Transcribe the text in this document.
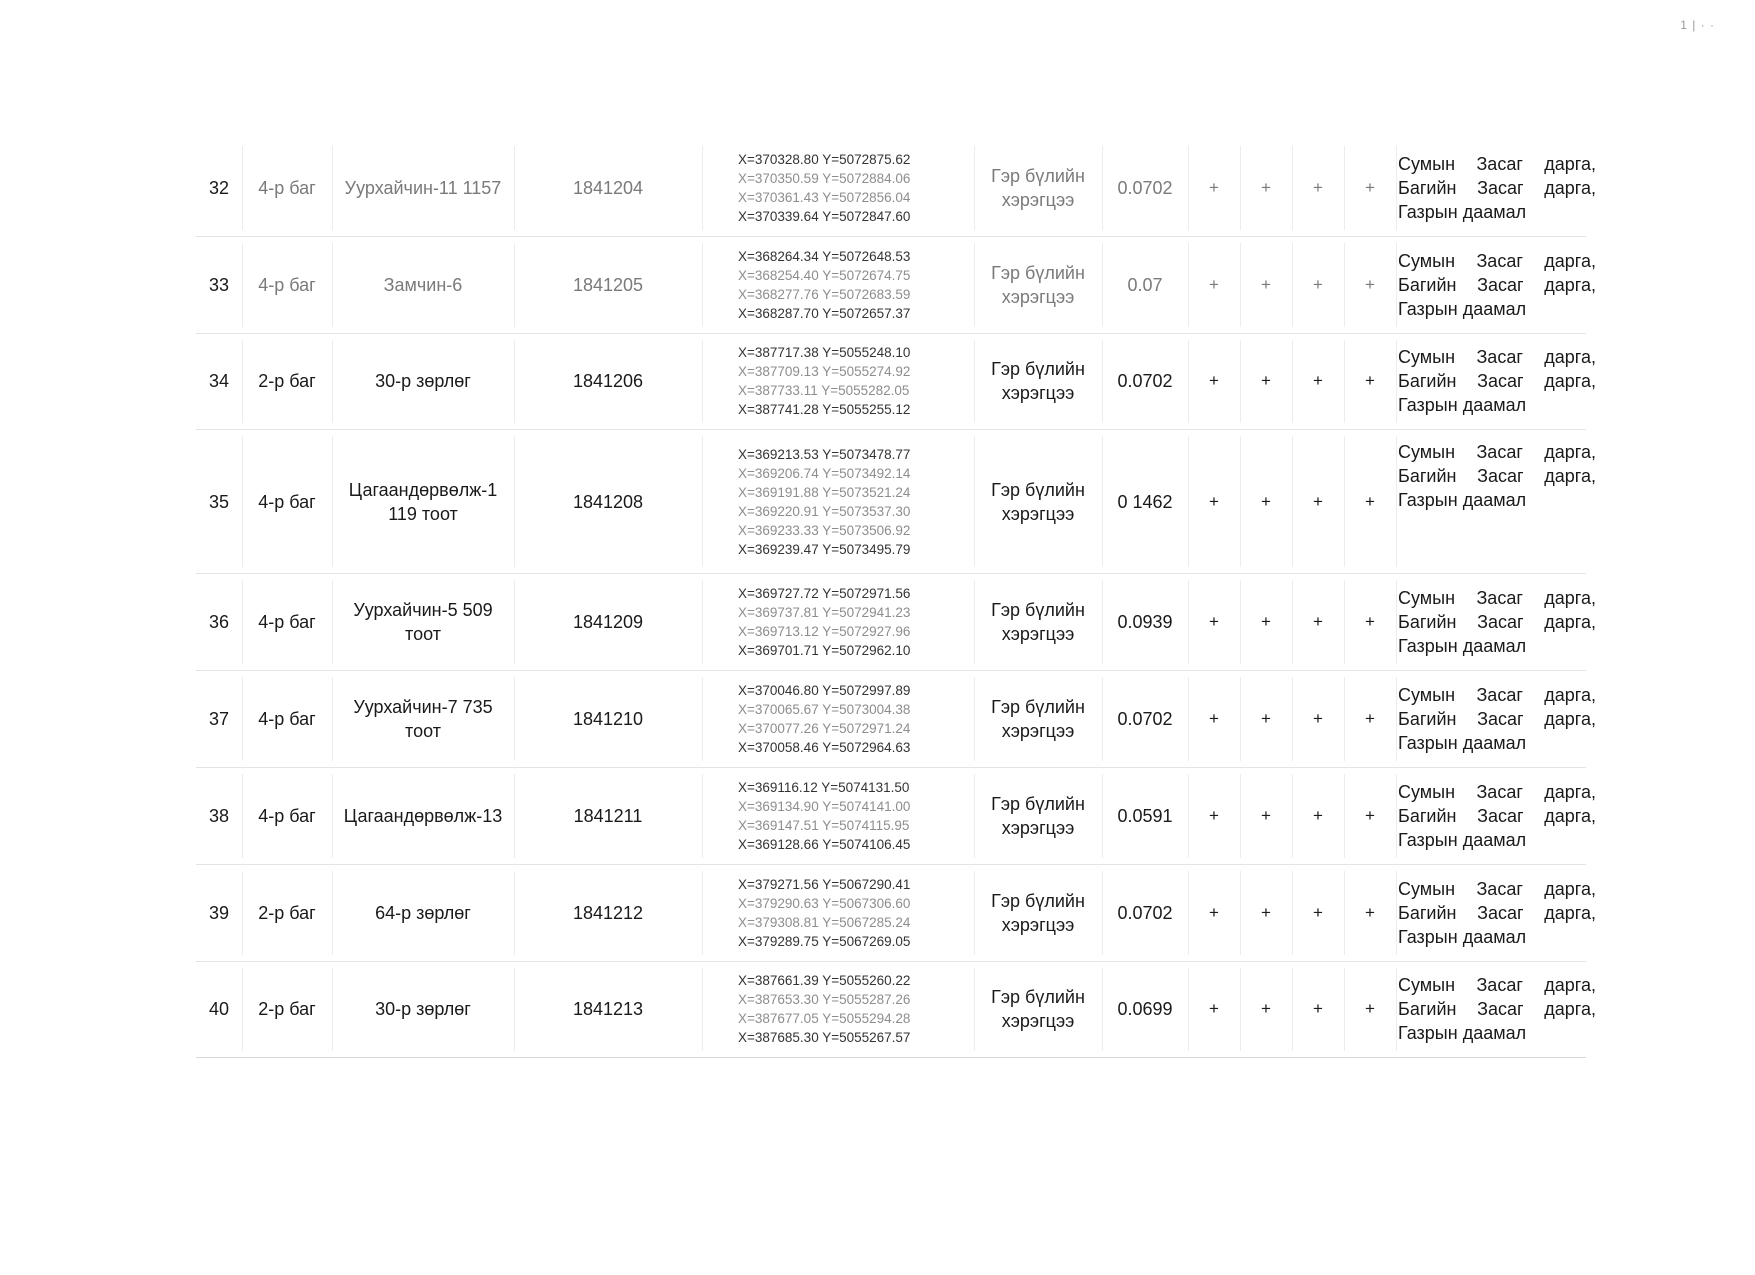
1 | · ·
32	4-р баг	Уурхайчин-11 1157	1841204
X=370328.80 Y=5072875.62
X=370350.59 Y=5072884.06
X=370361.43 Y=5072856.04
X=370339.64 Y=5072847.60
Гэр бүлийн хэрэгцээ
0.0702	+	+	+	+
Сумын Засаг дарга,
Багийн Засаг дарга,
Газрын даамал
33	4-р баг	Замчин-6	1841205
X=368264.34 Y=5072648.53
X=368254.40 Y=5072674.75
X=368277.76 Y=5072683.59
X=368287.70 Y=5072657.37
Гэр бүлийн хэрэгцээ
0.07	+	+	+	+
Сумын Засаг дарга,
Багийн Засаг дарга,
Газрын даамал
34	2-р баг	30-р зөрлөг	1841206
X=387717.38 Y=5055248.10
X=387709.13 Y=5055274.92
X=387733.11 Y=5055282.05
X=387741.28 Y=5055255.12
Гэр бүлийн хэрэгцээ
0.0702	+	+	+	+
Сумын Засаг дарга,
Багийн Засаг дарга,
Газрын даамал
35	4-р баг
Цагаандөрвөлж-1 119 тоот
1841208
X=369213.53 Y=5073478.77
X=369206.74 Y=5073492.14
X=369191.88 Y=5073521.24
X=369220.91 Y=5073537.30
X=369233.33 Y=5073506.92
X=369239.47 Y=5073495.79
Гэр бүлийн хэрэгцээ
0 1462	+	+	+	+
Сумын Засаг дарга,
Багийн Засаг дарга,
Газрын даамал
36	4-р баг
Уурхайчин-5 509 тоот
1841209
X=369727.72 Y=5072971.56
X=369737.81 Y=5072941.23
X=369713.12 Y=5072927.96
X=369701.71 Y=5072962.10
Гэр бүлийн хэрэгцээ
0.0939	+	+	+	+
Сумын Засаг дарга,
Багийн Засаг дарга,
Газрын даамал
37	4-р баг
Уурхайчин-7 735 тоот
1841210
X=370046.80 Y=5072997.89
X=370065.67 Y=5073004.38
X=370077.26 Y=5072971.24
X=370058.46 Y=5072964.63
Гэр бүлийн хэрэгцээ
0.0702	+	+	+	+
Сумын Засаг дарга,
Багийн Засаг дарга,
Газрын даамал
38	4-р баг	Цагаандөрвөлж-13	1841211
X=369116.12 Y=5074131.50
X=369134.90 Y=5074141.00
X=369147.51 Y=5074115.95
X=369128.66 Y=5074106.45
Гэр бүлийн хэрэгцээ
0.0591	+	+	+	+
Сумын Засаг дарга,
Багийн Засаг дарга,
Газрын даамал
39	2-р баг	64-р зөрлөг	1841212
X=379271.56 Y=5067290.41
X=379290.63 Y=5067306.60
X=379308.81 Y=5067285.24
X=379289.75 Y=5067269.05
Гэр бүлийн хэрэгцээ
0.0702	+	+	+	+
Сумын Засаг дарга,
Багийн Засаг дарга,
Газрын даамал
40	2-р баг	30-р зөрлөг	1841213
X=387661.39 Y=5055260.22
X=387653.30 Y=5055287.26
X=387677.05 Y=5055294.28
X=387685.30 Y=5055267.57
Гэр бүлийн хэрэгцээ
0.0699	+	+	+	+
Сумын Засаг дарга,
Багийн Засаг дарга,
Газрын даамал
